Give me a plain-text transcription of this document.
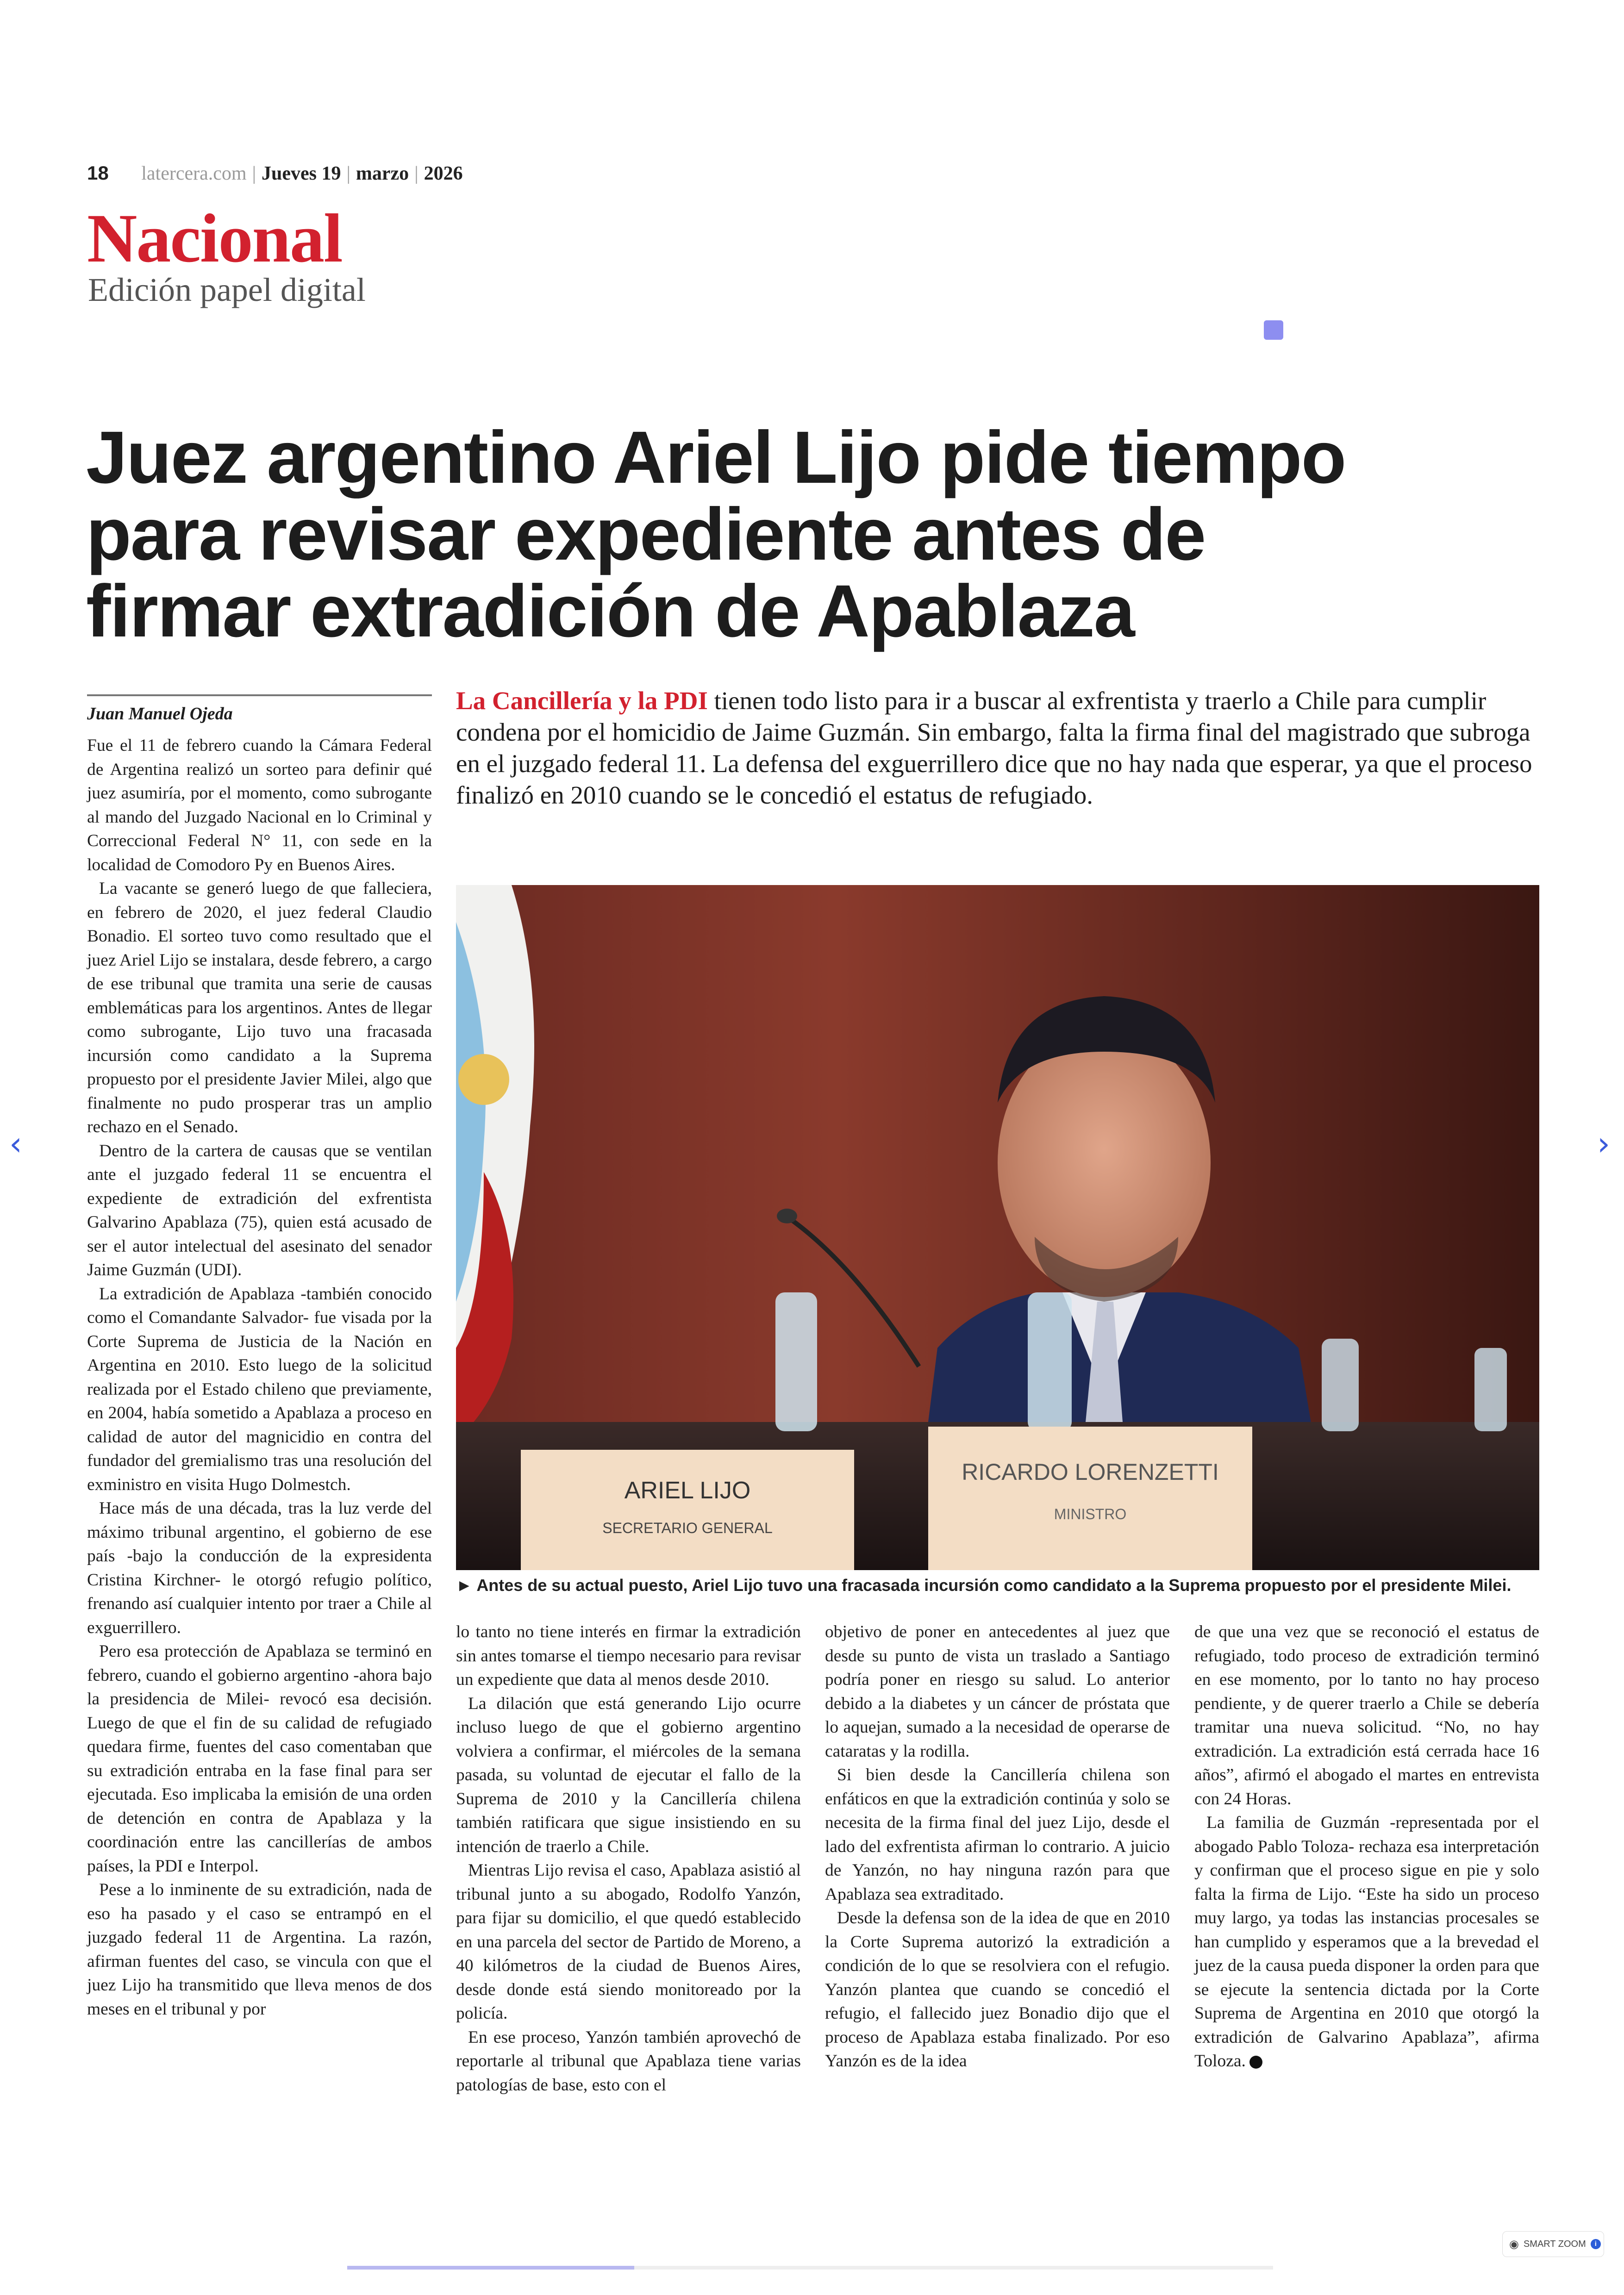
18 latercera.com | Jueves 19 | marzo | 2026
Nacional
Edición papel digital
Juez argentino Ariel Lijo pide tiempo para revisar expediente antes de firmar extradición de Apablaza
Juan Manuel Ojeda

Fue el 11 de febrero cuando la Cámara Federal de Argentina realizó un sorteo para definir qué juez asumiría, por el momento, como subrogante al mando del Juzgado Nacional en lo Criminal y Correccional Federal N° 11, con sede en la localidad de Comodoro Py en Buenos Aires.

La vacante se generó luego de que falleciera, en febrero de 2020, el juez federal Claudio Bonadio. El sorteo tuvo como resultado que el juez Ariel Lijo se instalara, desde febrero, a cargo de ese tribunal que tramita una serie de causas emblemáticas para los argentinos. Antes de llegar como subrogante, Lijo tuvo una fracasada incursión como candidato a la Suprema propuesto por el presidente Javier Milei, algo que finalmente no pudo prosperar tras un amplio rechazo en el Senado.

Dentro de la cartera de causas que se ventilan ante el juzgado federal 11 se encuentra el expediente de extradición del exfrentista Galvarino Apablaza (75), quien está acusado de ser el autor intelectual del asesinato del senador Jaime Guzmán (UDI).

La extradición de Apablaza -también conocido como el Comandante Salvador- fue visada por la Corte Suprema de Justicia de la Nación en Argentina en 2010. Esto luego de la solicitud realizada por el Estado chileno que previamente, en 2004, había sometido a Apablaza a proceso en calidad de autor del magnicidio en contra del fundador del gremialismo tras una resolución del exministro en visita Hugo Dolmestch.

Hace más de una década, tras la luz verde del máximo tribunal argentino, el gobierno de ese país -bajo la conducción de la expresidenta Cristina Kirchner- le otorgó refugio político, frenando así cualquier intento por traer a Chile al exguerrillero.

Pero esa protección de Apablaza se terminó en febrero, cuando el gobierno argentino -ahora bajo la presidencia de Milei- revocó esa decisión. Luego de que el fin de su calidad de refugiado quedara firme, fuentes del caso comentaban que su extradición entraba en la fase final para ser ejecutada. Eso implicaba la emisión de una orden de detención en contra de Apablaza y la coordinación entre las cancillerías de ambos países, la PDI e Interpol.

Pese a lo inminente de su extradición, nada de eso ha pasado y el caso se entrampó en el juzgado federal 11 de Argentina. La razón, afirman fuentes del caso, se vincula con que el juez Lijo ha transmitido que lleva menos de dos meses en el tribunal y por

La Cancillería y la PDI tienen todo listo para ir a buscar al exfrentista y traerlo a Chile para cumplir condena por el homicidio de Jaime Guzmán. Sin embargo, falta la firma final del magistrado que subroga en el juzgado federal 11. La defensa del exguerrillero dice que no hay nada que esperar, ya que el proceso finalizó en 2010 cuando se le concedió el estatus de refugiado.
ARIEL LIJO
SECRETARIO GENERAL
RICARDO LORENZETTI
MINISTRO
► Antes de su actual puesto, Ariel Lijo tuvo una fracasada incursión como candidato a la Suprema propuesto por el presidente Milei.

lo tanto no tiene interés en firmar la extradición sin antes tomarse el tiempo necesario para revisar un expediente que data al menos desde 2010.

La dilación que está generando Lijo ocurre incluso luego de que el gobierno argentino volviera a confirmar, el miércoles de la semana pasada, su voluntad de ejecutar el fallo de la Suprema de 2010 y la Cancillería chilena también ratificara que sigue insistiendo en su intención de traerlo a Chile.

Mientras Lijo revisa el caso, Apablaza asistió al tribunal junto a su abogado, Rodolfo Yanzón, para fijar su domicilio, el que quedó establecido en una parcela del sector de Partido de Moreno, a 40 kilómetros de la ciudad de Buenos Aires, desde donde está siendo monitoreado por la policía.

En ese proceso, Yanzón también aprovechó de reportarle al tribunal que Apablaza tiene varias patologías de base, esto con el

objetivo de poner en antecedentes al juez que desde su punto de vista un traslado a Santiago podría poner en riesgo su salud. Lo anterior debido a la diabetes y un cáncer de próstata que lo aquejan, sumado a la necesidad de operarse de cataratas y la rodilla.

Si bien desde la Cancillería chilena son enfáticos en que la extradición continúa y solo se necesita de la firma final del juez Lijo, desde el lado del exfrentista afirman lo contrario. A juicio de Yanzón, no hay ninguna razón para que Apablaza sea extraditado.

Desde la defensa son de la idea de que en 2010 la Corte Suprema autorizó la extradición a condición de lo que se resolviera con el refugio. Yanzón plantea que cuando se concedió el refugio, el fallecido juez Bonadio dijo que el proceso de Apablaza estaba finalizado. Por eso Yanzón es de la idea

de que una vez que se reconoció el estatus de refugiado, todo proceso de extradición terminó en ese momento, por lo tanto no hay proceso pendiente, y de querer traerlo a Chile se debería tramitar una nueva solicitud. “No, no hay extradición. La extradición está cerrada hace 16 años”, afirmó el abogado el martes en entrevista con 24 Horas.

La familia de Guzmán -representada por el abogado Pablo Toloza- rechaza esa interpretación y confirman que el proceso sigue en pie y solo falta la firma de Lijo. “Este ha sido un proceso muy largo, ya todas las instancias procesales se han cumplido y esperamos que a la brevedad el juez de la causa pueda disponer la orden para que se ejecute la sentencia dictada por la Corte Suprema de Argentina en 2010 que otorgó la extradición de Galvarino Apablaza”, afirma Toloza.

‹	›
◉ SMART ZOOM	i
